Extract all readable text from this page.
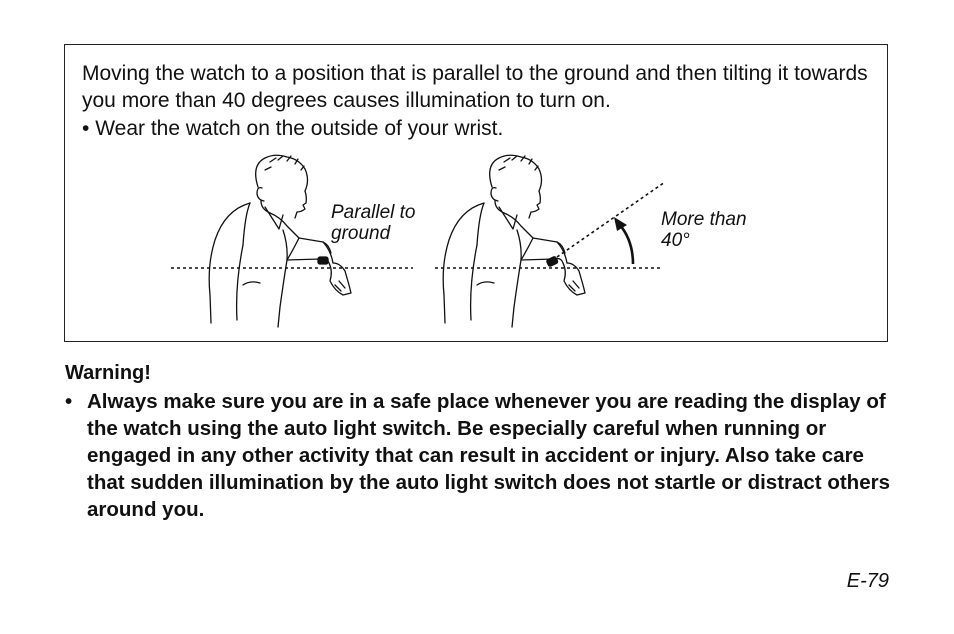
Moving the watch to a position that is parallel to the ground and then tilting it towards you more than 40 degrees causes illumination to turn on.

• Wear the watch on the outside of your wrist.
Parallel to
ground
More than
40°
Warning!
• Always make sure you are in a safe place whenever you are reading the display of the watch using the auto light switch. Be especially careful when running or engaged in any other activity that can result in accident or injury. Also take care that sudden illumination by the auto light switch does not startle or distract others around you.
E-79
